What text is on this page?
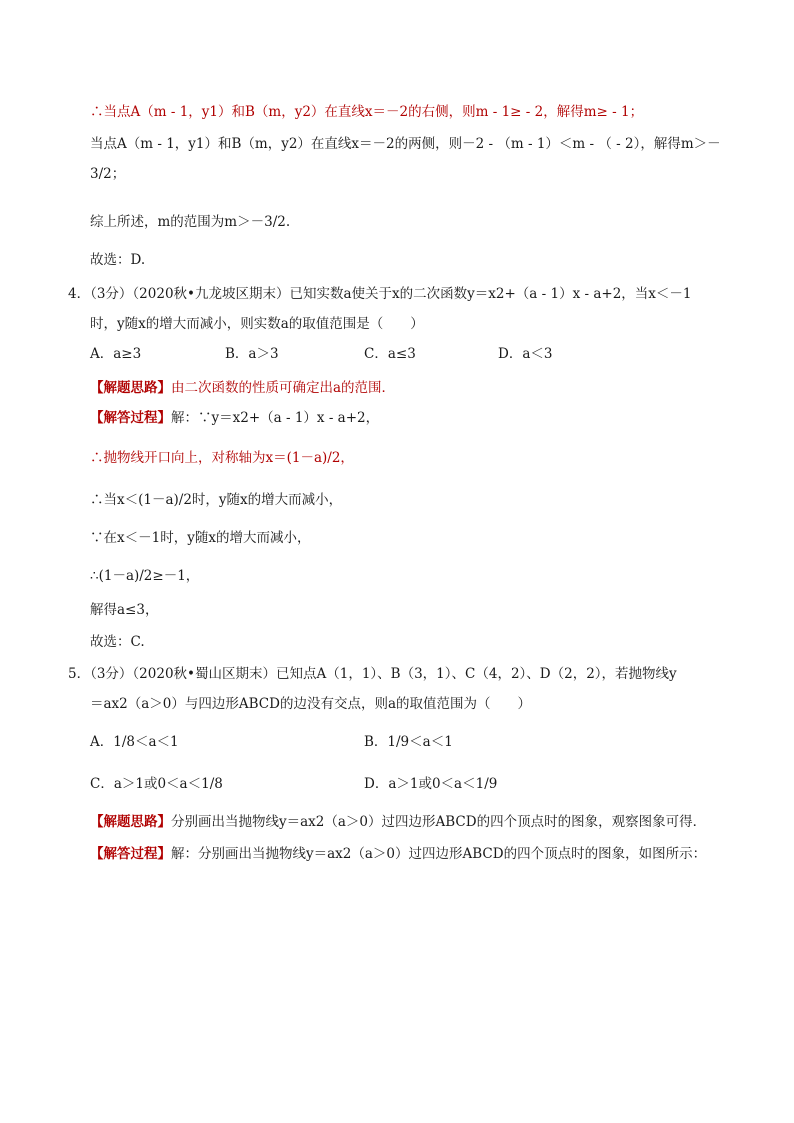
∴当点A（m - 1，y1）和B（m，y2）在直线x＝－2的右侧，则m - 1≥ - 2，解得m≥ - 1；
当点A（m - 1，y1）和B（m，y2）在直线x＝－2的两侧，则－2 - （m - 1）＜m - （ - 2），解得m＞－
3/2；
综上所述，m的范围为m＞－3/2.
故选：D.
4．（3分）（2020秋•九龙坡区期末）已知实数a使关于x的二次函数y＝x2+（a - 1）x - a+2，当x＜－1
时，y随x的增大而减小，则实数a的取值范围是（　　）
A．a≥3	B．a＞3	C．a≤3	D．a＜3
【解题思路】由二次函数的性质可确定出a的范围．
【解答过程】解：∵y＝x2+（a - 1）x - a+2，
∴抛物线开口向上，对称轴为x＝(1－a)/2，
∴当x＜(1－a)/2时，y随x的增大而减小，
∵在x＜－1时，y随x的增大而减小，
∴(1－a)/2≥－1，
解得a≤3，
故选：C.
5．（3分）（2020秋•蜀山区期末）已知点A（1，1）、B（3，1）、C（4，2）、D（2，2），若抛物线y
＝ax2（a＞0）与四边形ABCD的边没有交点，则a的取值范围为（　　）
A．1/8＜a＜1	B．1/9＜a＜1
C．a＞1或0＜a＜1/8	D．a＞1或0＜a＜1/9
【解题思路】分别画出当抛物线y＝ax2（a＞0）过四边形ABCD的四个顶点时的图象，观察图象可得．
【解答过程】解：分别画出当抛物线y＝ax2（a＞0）过四边形ABCD的四个顶点时的图象，如图所示：
